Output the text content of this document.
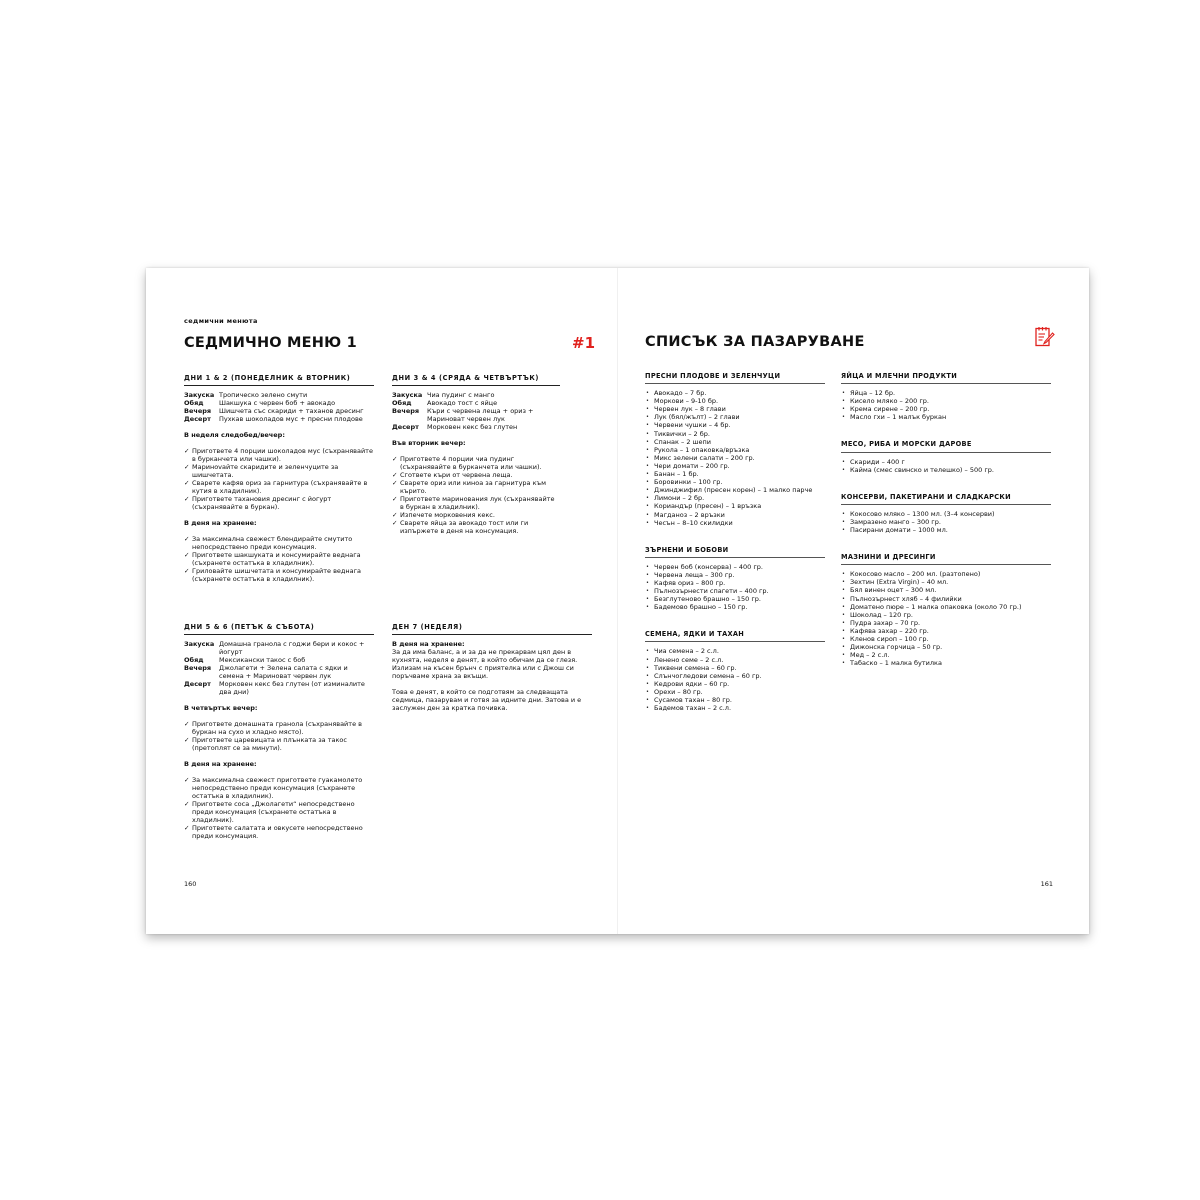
седмични менюта
СЕДМИЧНО МЕНЮ 1	#1
ДНИ 1 & 2 (ПОНЕДЕЛНИК & ВТОРНИК)
Закуска Тропическо зелено смути
Обяд	Шакшука с червен боб + авокадо
Вечеря	Шишчета със скариди + таханов дресинг
Десерт	Пухкав шоколадов мус + пресни плодове
В неделя следобед/вечер:
✓ Пригответе 4 порции шоколадов мус (съхранявайте в бурканчета или чашки).
✓ Маринovaйте скаридите и зеленчуците за шишчетата.
✓ Сварете кафяв ориз за гарнитура (съхранявайте в кутия в хладилник).
✓ Пригответе тахановия дресинг с йогурт (съхранявайте в буркан).
В деня на хранене:
✓ За максимална свежест блендирайте смутито непосредствено преди консумация.
✓ Пригответе шакшуката и консумирайте веднага (съхранете остатъка в хладилник).
✓ Гриловайте шишчетата и консумирайте веднага (съхранете остатъка в хладилник).
ДНИ 3 & 4 (СРЯДА & ЧЕТВЪРТЪК)
Закуска Чиа пудинг с манго
Обяд	Авокадо тост с яйце
Вечеря	Къри с червена леща + ориз + Мариноват червен лук
Десерт	Морковен кекс без глутен
Във вторник вечер:
✓ Пригответе 4 порции чиа пудинг (съхранявайте в бурканчета или чашки).
✓ Сгответе къри от червена леща.
✓ Сварете ориз или киноа за гарнитура към кърито.
✓ Пригответе маринования лук (съхранявайте в буркан в хладилник).
✓ Изпечете морковения кекс.
✓ Сварете яйца за авокадо тост или ги изпържете в деня на консумация.
ДНИ 5 & 6 (ПЕТЪК & СЪБОТА)
Закуска Домашна гранола с годжи бери и кокос + йогурт
Обяд	Мексикански такос с боб
Вечеря	Джолагети + Зелена салата с ядки и семена + Мариноват червен лук
Десерт	Морковен кекс без глутен (от изминалите два дни)
В четвъртък вечер:
✓ Пригответе домашната гранола (съхранявайте в буркан на сухо и хладно място).
✓ Пригответе царевицата и плънката за такос (претоплят се за минути).
В деня на хранене:
✓ За максимална свежест пригответе гуакамолето непосредствено преди консумация (съхранете остатъка в хладилник).
✓ Пригответе соса „Джолагети“ непосредствено преди консумация (съхранете остатъка в хладилник).
✓ Пригответе салатата и овкусете непосредствено преди консумация.
ДЕН 7 (НЕДЕЛЯ)
В деня на хранене:
За да има баланс, а и за да не прекарвам цял ден в кухнята, неделя е денят, в който обичам да се глезя. Излизам на късен брънч с приятелка или с Джош си поръчваме храна за вкъщи.
Това е денят, в който се подготвям за следващата седмица, пазарувам и готвя за идните дни. Затова и е заслужен ден за кратка почивка.
160
СПИСЪК ЗА ПАЗАРУВАНЕ
ПРЕСНИ ПЛОДОВЕ И ЗЕЛЕНЧУЦИ
• Авокадо – 7 бр.
• Моркови – 9-10 бр.
• Червен лук – 8 глави
• Лук (бял/жълт) – 2 глави
• Червени чушки – 4 бр.
• Тиквички – 2 бр.
• Спанак – 2 шепи
• Рукола – 1 опаковка/връзка
• Микс зелени салати – 200 гр.
• Чери домати – 200 гр.
• Банан – 1 бр.
• Боровинки – 100 гр.
• Джинджифил (пресен корен) – 1 малко парче
• Лимони – 2 бр.
• Кориандър (пресен) – 1 връзка
• Магданоз – 2 връзки
• Чесън – 8–10 скилидки
ЗЪРНЕНИ И БОБОВИ
• Червен боб (консерва) – 400 гр.
• Червена леща – 300 гр.
• Кафяв ориз – 800 гр.
• Пълнозърнести спагети – 400 гр.
• Безглутеново брашно – 150 гр.
• Бадемово брашно – 150 гр.
СЕМЕНА, ЯДКИ И ТАХАН
• Чиа семена – 2 с.л.
• Ленено семе – 2 с.л.
• Тиквени семена – 60 гр.
• Слънчогледови семена – 60 гр.
• Кедрови ядки – 60 гр.
• Орехи – 80 гр.
• Сусамов тахан – 80 гр.
• Бадемов тахан – 2 с.л.
ЯЙЦА И МЛЕЧНИ ПРОДУКТИ
• Яйца – 12 бр.
• Кисело мляко – 200 гр.
• Крема сирене – 200 гр.
• Масло гхи – 1 малък буркан
МЕСО, РИБА И МОРСКИ ДАРОВЕ
• Скариди – 400 г
• Кайма (смес свинско и телешко) – 500 гр.
КОНСЕРВИ, ПАКЕТИРАНИ И СЛАДКАРСКИ
• Кокосово мляко – 1300 мл. (3–4 консерви)
• Замразено манго – 300 гр.
• Пасирани домати – 1000 мл.
МАЗНИНИ И ДРЕСИНГИ
• Кокосово масло – 200 мл. (разтопено)
• Зехтин (Extra Virgin) – 40 мл.
• Бял винен оцет – 300 мл.
• Пълнозърнест хляб – 4 филийки
• Доматено пюре – 1 малка опаковка (около 70 гр.)
• Шоколад – 120 гр.
• Пудра захар – 70 гр.
• Кафява захар – 220 гр.
• Кленов сироп – 100 гр.
• Дижонска горчица – 50 гр.
• Мед – 2 с.л.
• Табаско – 1 малка бутилка
161
